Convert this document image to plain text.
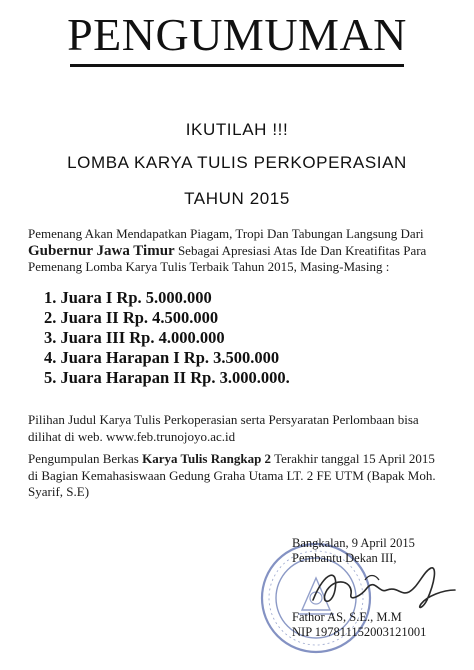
PENGUMUMAN
IKUTILAH !!!
LOMBA KARYA TULIS PERKOPERASIAN
TAHUN 2015
Pemenang Akan Mendapatkan Piagam, Tropi Dan Tabungan Langsung Dari Gubernur Jawa Timur Sebagai Apresiasi Atas Ide Dan Kreatifitas Para Pemenang Lomba Karya Tulis Terbaik Tahun 2015, Masing-Masing :
1. Juara I Rp. 5.000.000
2. Juara II Rp. 4.500.000
3. Juara III Rp. 4.000.000
4. Juara Harapan I Rp. 3.500.000
5. Juara Harapan II Rp. 3.000.000.
Pilihan Judul Karya Tulis Perkoperasian serta Persyaratan Perlombaan bisa dilihat di web. www.feb.trunojoyo.ac.id
Pengumpulan Berkas Karya Tulis Rangkap 2 Terakhir tanggal 15 April 2015 di Bagian Kemahasiswaan Gedung Graha Utama LT. 2 FE UTM (Bapak Moh. Syarif, S.E)
Bangkalan, 9 April 2015
Pembantu Dekan III,
Fathor AS, S.E., M.M
NIP 197811152003121001
